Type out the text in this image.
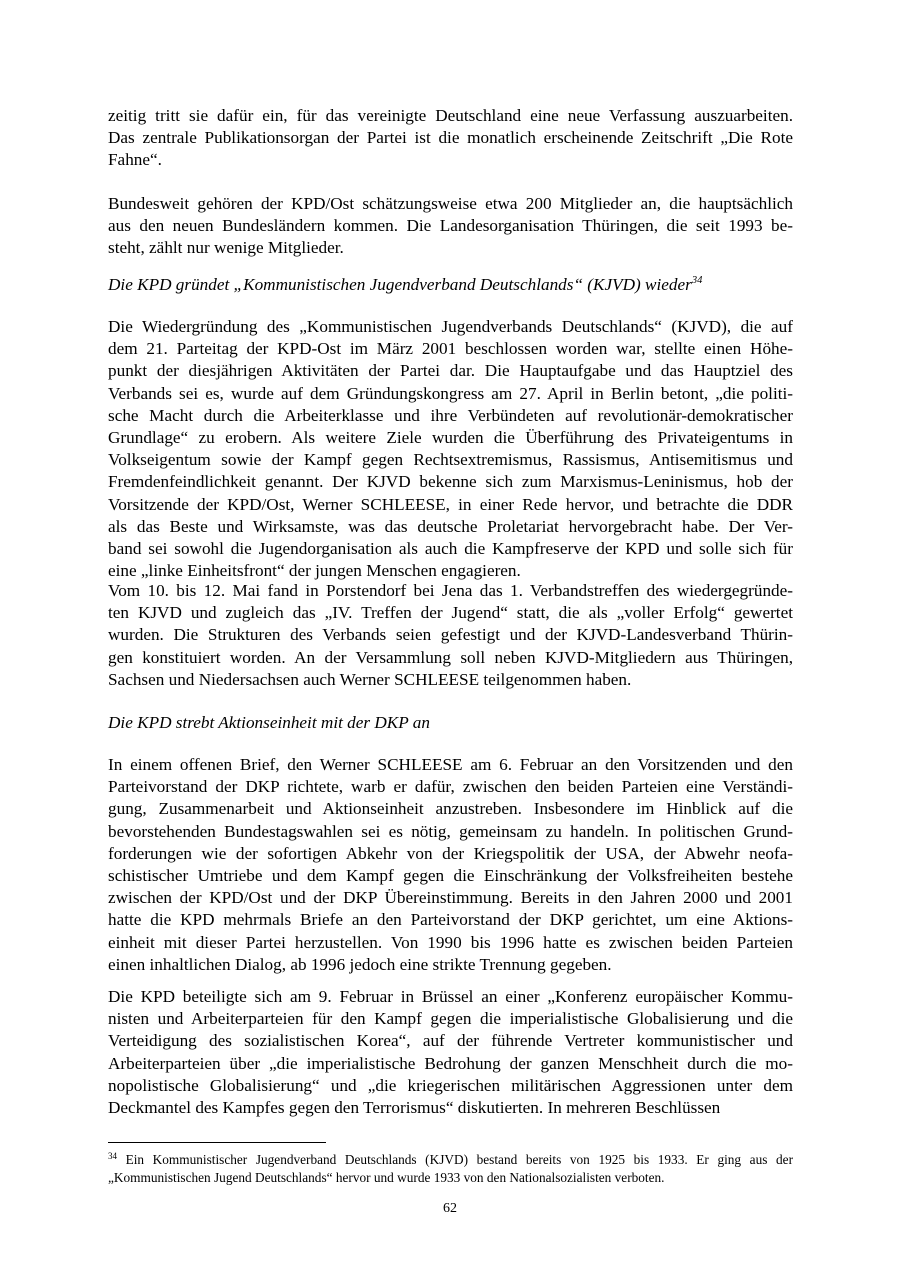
zeitig tritt sie dafür ein, für das vereinigte Deutschland eine neue Verfassung auszuarbeiten.
Das zentrale Publikationsorgan der Partei ist die monatlich erscheinende Zeitschrift „Die Rote
Fahne“.

Bundesweit gehören der KPD/Ost schätzungsweise etwa 200 Mitglieder an, die hauptsächlich
aus den neuen Bundesländern kommen. Die Landesorganisation Thüringen, die seit 1993 be-
steht, zählt nur wenige Mitglieder.

Die KPD gründet „Kommunistischen Jugendverband Deutschlands“ (KJVD) wieder$^{34}$

Die Wiedergründung des „Kommunistischen Jugendverbands Deutschlands“ (KJVD), die auf
dem 21. Parteitag der KPD-Ost im März 2001 beschlossen worden war, stellte einen Höhe-
punkt der diesjährigen Aktivitäten der Partei dar. Die Hauptaufgabe und das Hauptziel des
Verbands sei es, wurde auf dem Gründungskongress am 27. April in Berlin betont, „die politi-
sche Macht durch die Arbeiterklasse und ihre Verbündeten auf revolutionär-demokratischer
Grundlage“ zu erobern. Als weitere Ziele wurden die Überführung des Privateigentums in
Volkseigentum sowie der Kampf gegen Rechtsextremismus, Rassismus, Antisemitismus und
Fremdenfeindlichkeit genannt. Der KJVD bekenne sich zum Marxismus-Leninismus, hob der
Vorsitzende der KPD/Ost, Werner SCHLEESE, in einer Rede hervor, und betrachte die DDR
als das Beste und Wirksamste, was das deutsche Proletariat hervorgebracht habe. Der Ver-
band sei sowohl die Jugendorganisation als auch die Kampfreserve der KPD und solle sich für
eine „linke Einheitsfront“ der jungen Menschen engagieren.

Vom 10. bis 12. Mai fand in Porstendorf bei Jena das 1. Verbandstreffen des wiedergegründe-
ten KJVD und zugleich das „IV. Treffen der Jugend“ statt, die als „voller Erfolg“ gewertet
wurden. Die Strukturen des Verbands seien gefestigt und der KJVD-Landesverband Thürin-
gen konstituiert worden. An der Versammlung soll neben KJVD-Mitgliedern aus Thüringen,
Sachsen und Niedersachsen auch Werner SCHLEESE teilgenommen haben.

Die KPD strebt Aktionseinheit mit der DKP an

In einem offenen Brief, den Werner SCHLEESE am 6. Februar an den Vorsitzenden und den
Parteivorstand der DKP richtete, warb er dafür, zwischen den beiden Parteien eine Verständi-
gung, Zusammenarbeit und Aktionseinheit anzustreben. Insbesondere im Hinblick auf die
bevorstehenden Bundestagswahlen sei es nötig, gemeinsam zu handeln. In politischen Grund-
forderungen wie der sofortigen Abkehr von der Kriegspolitik der USA, der Abwehr neofa-
schistischer Umtriebe und dem Kampf gegen die Einschränkung der Volksfreiheiten bestehe
zwischen der KPD/Ost und der DKP Übereinstimmung. Bereits in den Jahren 2000 und 2001
hatte die KPD mehrmals Briefe an den Parteivorstand der DKP gerichtet, um eine Aktions-
einheit mit dieser Partei herzustellen. Von 1990 bis 1996 hatte es zwischen beiden Parteien
einen inhaltlichen Dialog, ab 1996 jedoch eine strikte Trennung gegeben.

Die KPD beteiligte sich am 9. Februar in Brüssel an einer „Konferenz europäischer Kommu-
nisten und Arbeiterparteien für den Kampf gegen die imperialistische Globalisierung und die
Verteidigung des sozialistischen Korea“, auf der führende Vertreter kommunistischer und
Arbeiterparteien über „die imperialistische Bedrohung der ganzen Menschheit durch die mo-
nopolistische Globalisierung“ und „die kriegerischen militärischen Aggressionen unter dem
Deckmantel des Kampfes gegen den Terrorismus“ diskutierten. In mehreren Beschlüssen

$^{34}$ Ein Kommunistischer Jugendverband Deutschlands (KJVD) bestand bereits von 1925 bis 1933. Er ging aus der „Kommunistischen Jugend Deutschlands“ hervor und wurde 1933 von den Nationalsozialisten verboten.

62
